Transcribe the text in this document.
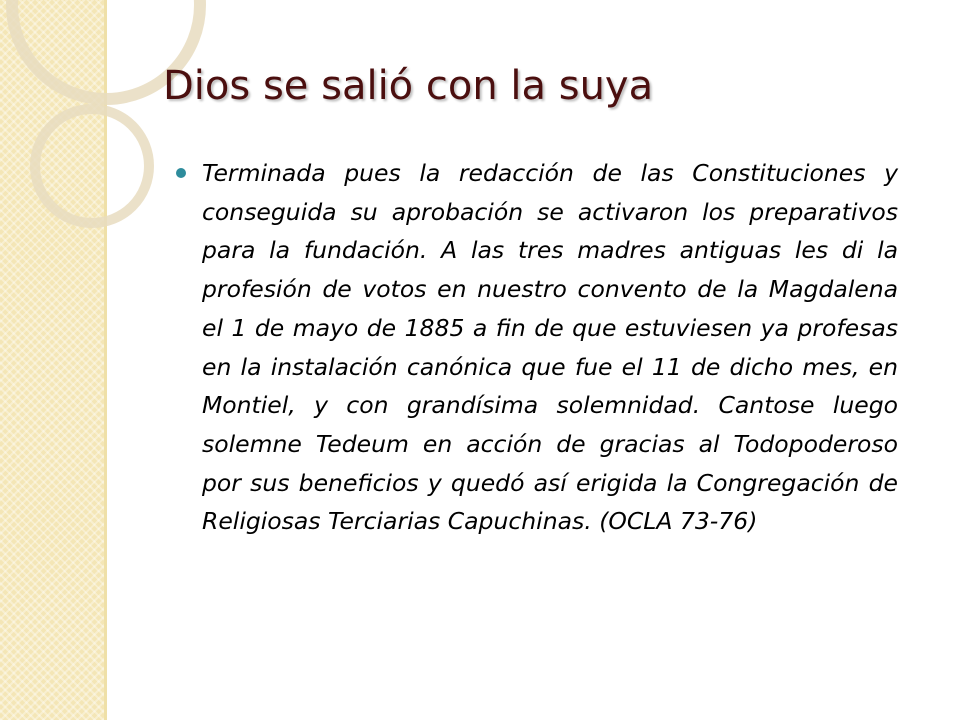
Dios se salió con la suya

Terminada pues la redacción de las Constituciones y conseguida su aprobación se activaron los preparativos para la fundación. A las tres madres antiguas les di la profesión de votos en nuestro convento de la Magdalena el 1 de mayo de 1885 a fin de que estuviesen ya profesas en la instalación canónica que fue el 11 de dicho mes, en Montiel, y con grandísima solemnidad. Cantose luego solemne Tedeum en acción de gracias al Todopoderoso por sus beneficios y quedó así erigida la Congregación de Religiosas Terciarias Capuchinas. (OCLA 73-76)
